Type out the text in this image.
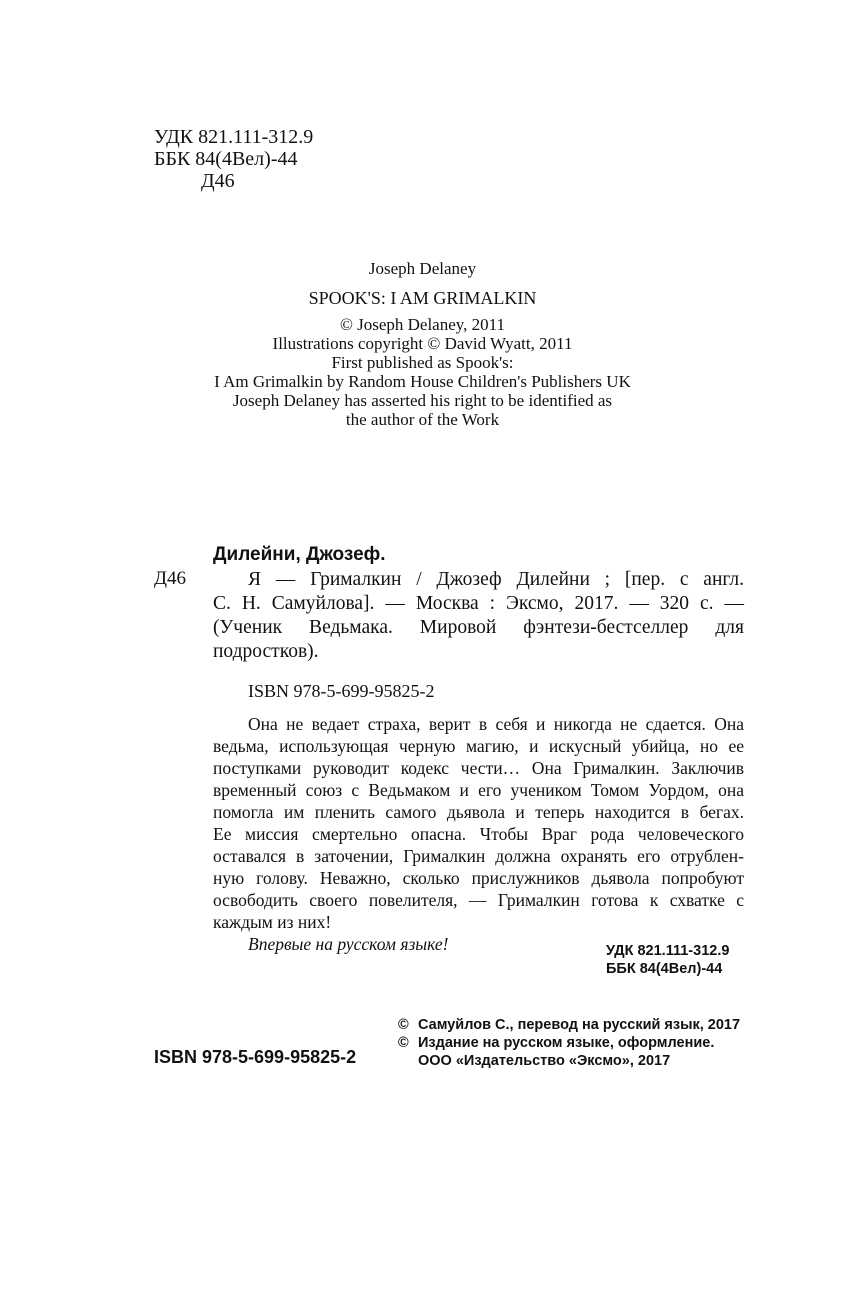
УДК 821.111-312.9
ББК 84(4Вел)-44
Д46
Joseph Delaney
SPOOK'S: I AM GRIMALKIN
© Joseph Delaney, 2011
Illustrations copyright © David Wyatt, 2011
First published as Spook's:
I Am Grimalkin by Random House Children's Publishers UK
Joseph Delaney has asserted his right to be identified as
the author of the Work
Дилейни, Джозеф.
Д46	Я — Грималкин / Джозеф Дилейни ; [пер. с англ.
С. Н. Самуйлова]. — Москва : Эксмо, 2017. — 320 с. —
(Ученик Ведьмака. Мировой фэнтези-бестселлер для
подростков).
ISBN 978-5-699-95825-2
Она не ведает страха, верит в себя и никогда не сдается. Она
ведьма, использующая черную магию, и искусный убийца, но ее
поступками руководит кодекс чести… Она Грималкин. Заключив
временный союз с Ведьмаком и его учеником Томом Уордом, она
помогла им пленить самого дьявола и теперь находится в бегах.
Ее миссия смертельно опасна. Чтобы Враг рода человеческого
оставался в заточении, Грималкин должна охранять его отрублен-
ную голову. Неважно, сколько прислужников дьявола попробуют
освободить своего повелителя, — Грималкин готова к схватке с
каждым из них!
Впервые на русском языке!	УДК 821.111-312.9
ББК 84(4Вел)-44
© Самуйлов С., перевод на русский язык, 2017
© Издание на русском языке, оформление.
ООО «Издательство «Эксмо», 2017
ISBN 978-5-699-95825-2
